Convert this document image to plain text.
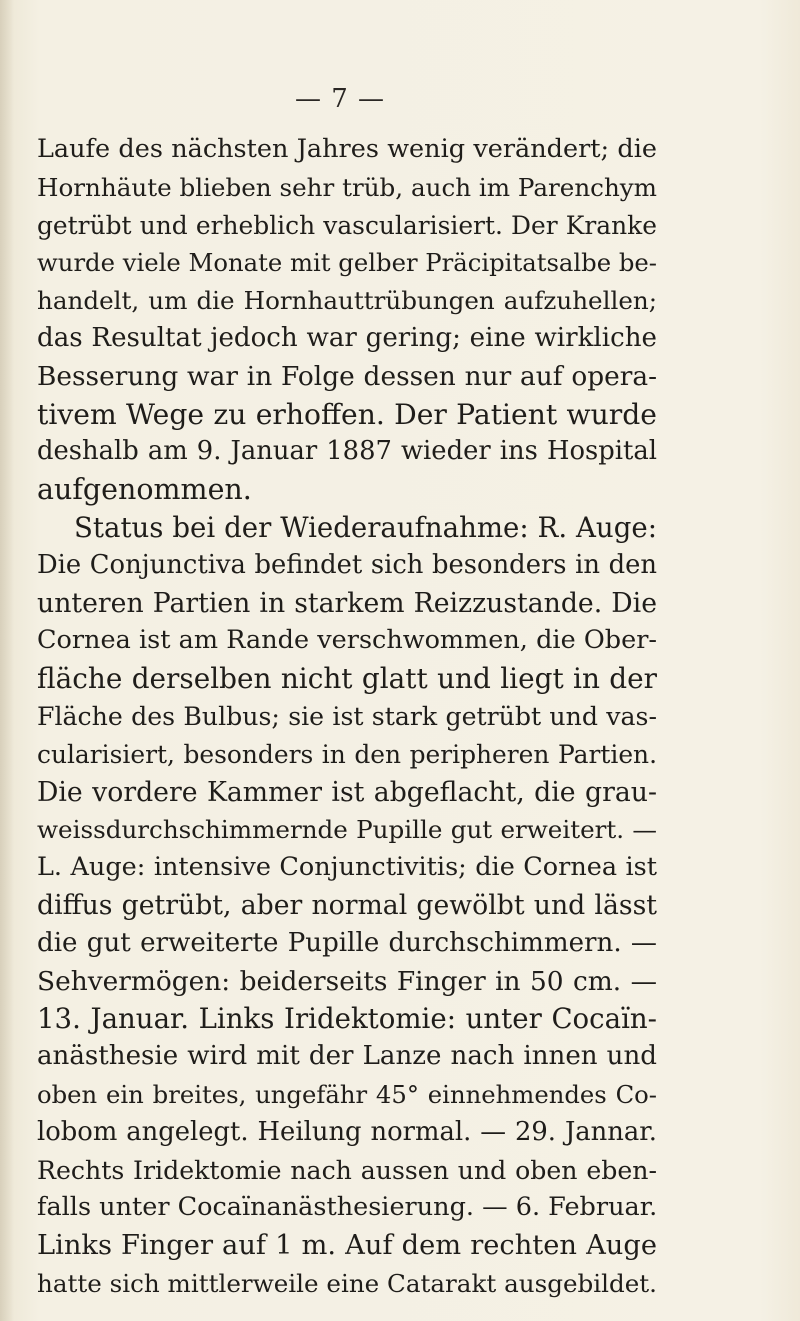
— 7 —
Laufe des nächsten Jahres wenig verändert; die
Hornhäute blieben sehr trüb, auch im Parenchym
getrübt und erheblich vascularisiert. Der Kranke
wurde viele Monate mit gelber Präcipitatsalbe be-
handelt, um die Hornhauttrübungen aufzuhellen;
das Resultat jedoch war gering; eine wirkliche
Besserung war in Folge dessen nur auf opera-
tivem Wege zu erhoffen. Der Patient wurde
deshalb am 9. Januar 1887 wieder ins Hospital
aufgenommen.
Status bei der Wiederaufnahme: R. Auge:
Die Conjunctiva befindet sich besonders in den
unteren Partien in starkem Reizzustande. Die
Cornea ist am Rande verschwommen, die Ober-
fläche derselben nicht glatt und liegt in der
Fläche des Bulbus; sie ist stark getrübt und vas-
cularisiert, besonders in den peripheren Partien.
Die vordere Kammer ist abgeflacht, die grau-
weissdurchschimmernde Pupille gut erweitert. —
L. Auge: intensive Conjunctivitis; die Cornea ist
diffus getrübt, aber normal gewölbt und lässt
die gut erweiterte Pupille durchschimmern. —
Sehvermögen: beiderseits Finger in 50 cm. —
13. Januar. Links Iridektomie: unter Cocaïn-
anästhesie wird mit der Lanze nach innen und
oben ein breites, ungefähr 45° einnehmendes Co-
lobom angelegt. Heilung normal. — 29. Jannar.
Rechts Iridektomie nach aussen und oben eben-
falls unter Cocaïnanästhesierung. — 6. Februar.
Links Finger auf 1 m. Auf dem rechten Auge
hatte sich mittlerweile eine Catarakt ausgebildet.
